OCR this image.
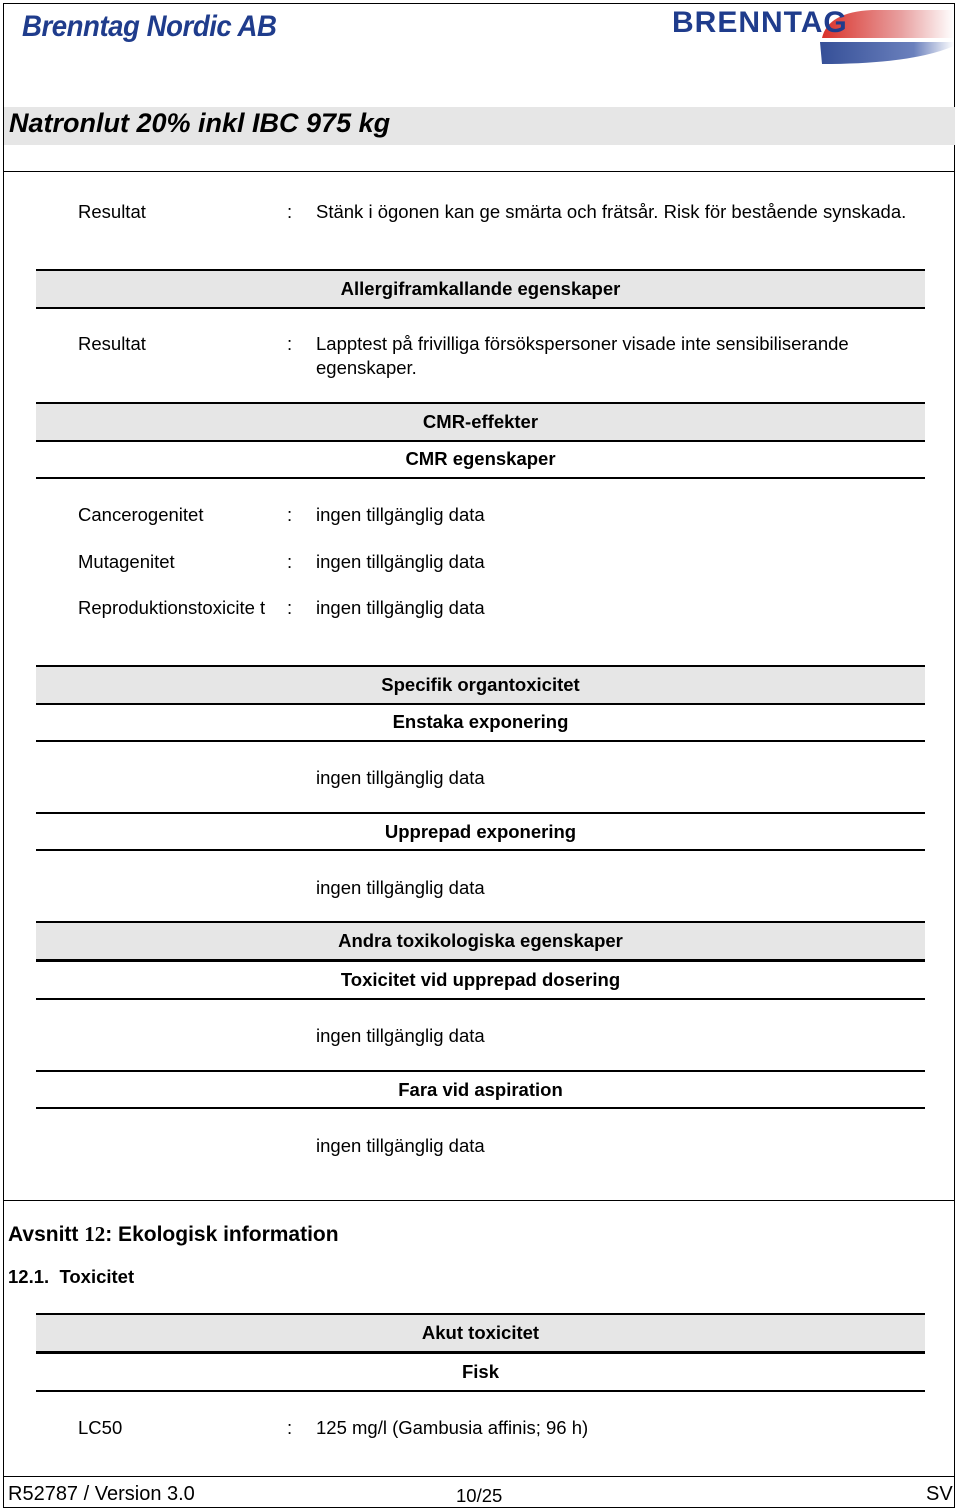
Brenntag Nordic AB	BRENNTAG
Natronlut 20% inkl IBC 975 kg
Resultat	: Stänk i ögonen kan ge smärta och frätsår. Risk för bestående synskada.
Allergiframkallande egenskaper
Resultat	: Lapptest på frivilliga försökspersoner visade inte sensibiliserande egenskaper.
CMR-effekter
CMR egenskaper
Cancerogenitet	: ingen tillgänglig data
Mutagenitet	: ingen tillgänglig data
Reproduktionstoxicite t	: ingen tillgänglig data
Specifik organtoxicitet
Enstaka exponering
ingen tillgänglig data
Upprepad exponering
ingen tillgänglig data
Andra toxikologiska egenskaper
Toxicitet vid upprepad dosering
ingen tillgänglig data
Fara vid aspiration
ingen tillgänglig data
Avsnitt 12: Ekologisk information
12.1. Toxicitet
Akut toxicitet
Fisk
LC50	: 125 mg/l (Gambusia affinis; 96 h)
R52787 / Version 3.0	10/25	SV
